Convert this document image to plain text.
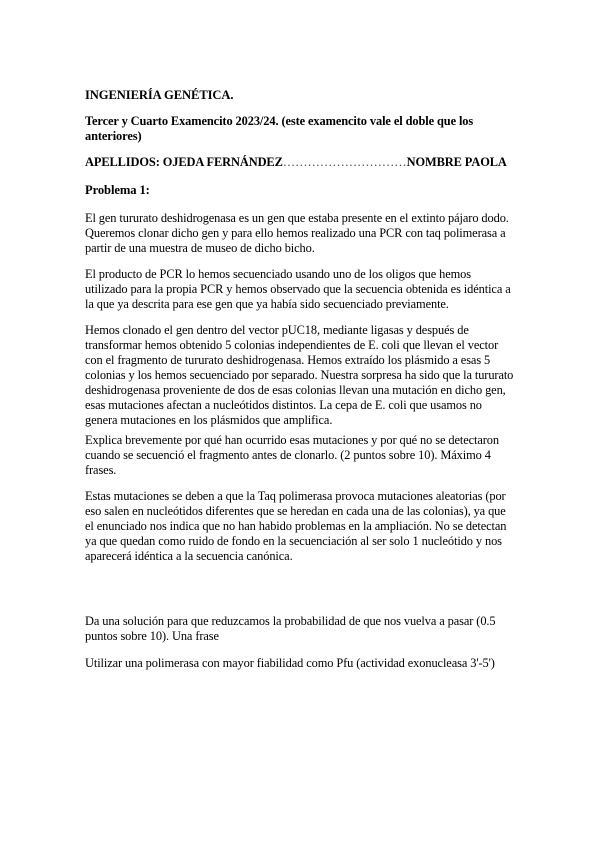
INGENIERÍA GENÉTICA.
Tercer y Cuarto Examencito 2023/24. (este examencito vale el doble que los anteriores)
APELLIDOS: OJEDA FERNÁNDEZ…………………………NOMBRE PAOLA
Problema 1:

El gen tururato deshidrogenasa es un gen que estaba presente en el extinto pájaro dodo. Queremos clonar dicho gen y para ello hemos realizado una PCR con taq polimerasa a partir de una muestra de museo de dicho bicho.

El producto de PCR lo hemos secuenciado usando uno de los oligos que hemos utilizado para la propia PCR y hemos observado que la secuencia obtenida es idéntica a la que ya descrita para ese gen que ya había sido secuenciado previamente.

Hemos clonado el gen dentro del vector pUC18, mediante ligasas y después de transformar hemos obtenido 5 colonias independientes de E. coli que llevan el vector con el fragmento de tururato deshidrogenasa. Hemos extraído los plásmido a esas 5 colonias y los hemos secuenciado por separado. Nuestra sorpresa ha sido que la tururato deshidrogenasa proveniente de dos de esas colonias llevan una mutación en dicho gen, esas mutaciones afectan a nucleótidos distintos. La cepa de E. coli que usamos no genera mutaciones en los plásmidos que amplifica.

Explica brevemente por qué han ocurrido esas mutaciones y por qué no se detectaron cuando se secuenció el fragmento antes de clonarlo. (2 puntos sobre 10). Máximo 4 frases.

Estas mutaciones se deben a que la Taq polimerasa provoca mutaciones aleatorias (por eso salen en nucleótidos diferentes que se heredan en cada una de las colonias), ya que el enunciado nos indica que no han habido problemas en la ampliación. No se detectan ya que quedan como ruido de fondo en la secuenciación al ser solo 1 nucleótido y nos aparecerá idéntica a la secuencia canónica.

Da una solución para que reduzcamos la probabilidad de que nos vuelva a pasar (0.5 puntos sobre 10). Una frase

Utilizar una polimerasa con mayor fiabilidad como Pfu (actividad exonucleasa 3'-5')
